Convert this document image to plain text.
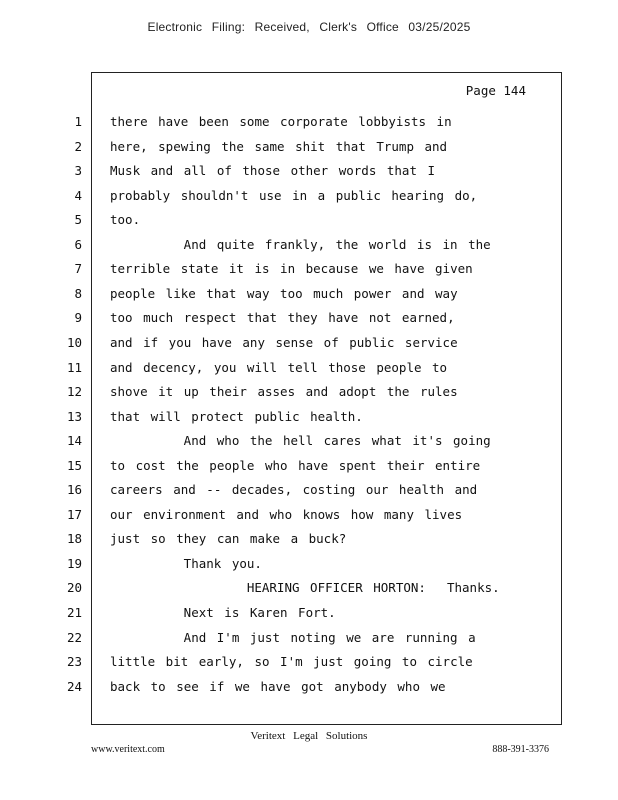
Electronic Filing: Received, Clerk's Office 03/25/2025
Page 144
1 there have been some corporate lobbyists in
2 here, spewing the same shit that Trump and
3 Musk and all of those other words that I
4 probably shouldn't use in a public hearing do,
5 too.
6 And quite frankly, the world is in the
7 terrible state it is in because we have given
8 people like that way too much power and way
9 too much respect that they have not earned,
10 and if you have any sense of public service
11 and decency, you will tell those people to
12 shove it up their asses and adopt the rules
13 that will protect public health.
14 And who the hell cares what it's going
15 to cost the people who have spent their entire
16 careers and -- decades, costing our health and
17 our environment and who knows how many lives
18 just so they can make a buck?
19 Thank you.
20 HEARING OFFICER HORTON:  Thanks.
21 Next is Karen Fort.
22 And I'm just noting we are running a
23 little bit early, so I'm just going to circle
24 back to see if we have got anybody who we
Veritext Legal Solutions
www.veritext.com	888-391-3376
